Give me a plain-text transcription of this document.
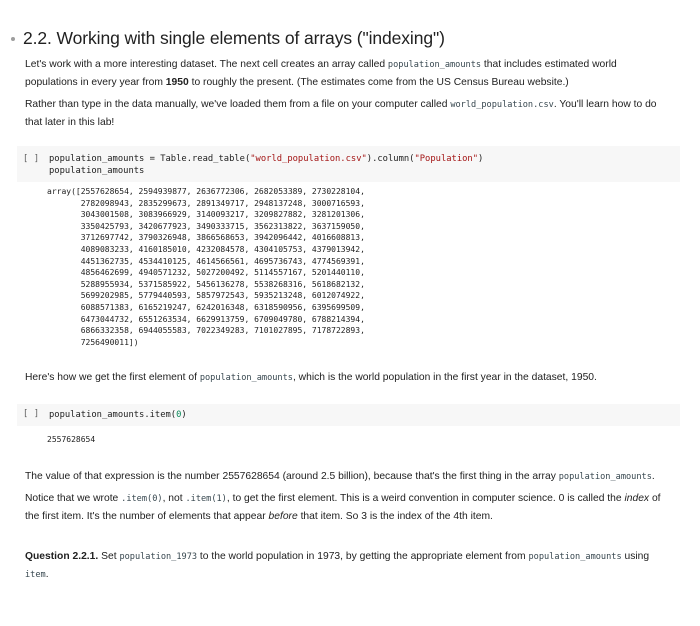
2.2. Working with single elements of arrays ("indexing")
Let's work with a more interesting dataset. The next cell creates an array called population_amounts that includes estimated world
populations in every year from 1950 to roughly the present. (The estimates come from the US Census Bureau website.)
Rather than type in the data manually, we've loaded them from a file on your computer called world_population.csv. You'll learn how to do
that later in this lab!
[ ]	population_amounts = Table.read_table("world_population.csv").column("Population")
population_amounts
array([2557628654, 2594939877, 2636772306, 2682053389, 2730228104,
2782098943, 2835299673, 2891349717, 2948137248, 3000716593,
3043001508, 3083966929, 3140093217, 3209827882, 3281201306,
3350425793, 3420677923, 3490333715, 3562313822, 3637159050,
3712697742, 3790326948, 3866568653, 3942096442, 4016608813,
4089083233, 4160185010, 4232084578, 4304105753, 4379013942,
4451362735, 4534410125, 4614566561, 4695736743, 4774569391,
4856462699, 4940571232, 5027200492, 5114557167, 5201440110,
5288955934, 5371585922, 5456136278, 5538268316, 5618682132,
5699202985, 5779440593, 5857972543, 5935213248, 6012074922,
6088571383, 6165219247, 6242016348, 6318590956, 6395699509,
6473044732, 6551263534, 6629913759, 6709049780, 6788214394,
6866332358, 6944055583, 7022349283, 7101027895, 7178722893,
7256490011])
Here's how we get the first element of population_amounts, which is the world population in the first year in the dataset, 1950.
[ ]	population_amounts.item(0)
2557628654
The value of that expression is the number 2557628654 (around 2.5 billion), because that's the first thing in the array population_amounts.
Notice that we wrote .item(0), not .item(1), to get the first element. This is a weird convention in computer science. 0 is called the index of
the first item. It's the number of elements that appear before that item. So 3 is the index of the 4th item.
Question 2.2.1. Set population_1973 to the world population in 1973, by getting the appropriate element from population_amounts using
item.
